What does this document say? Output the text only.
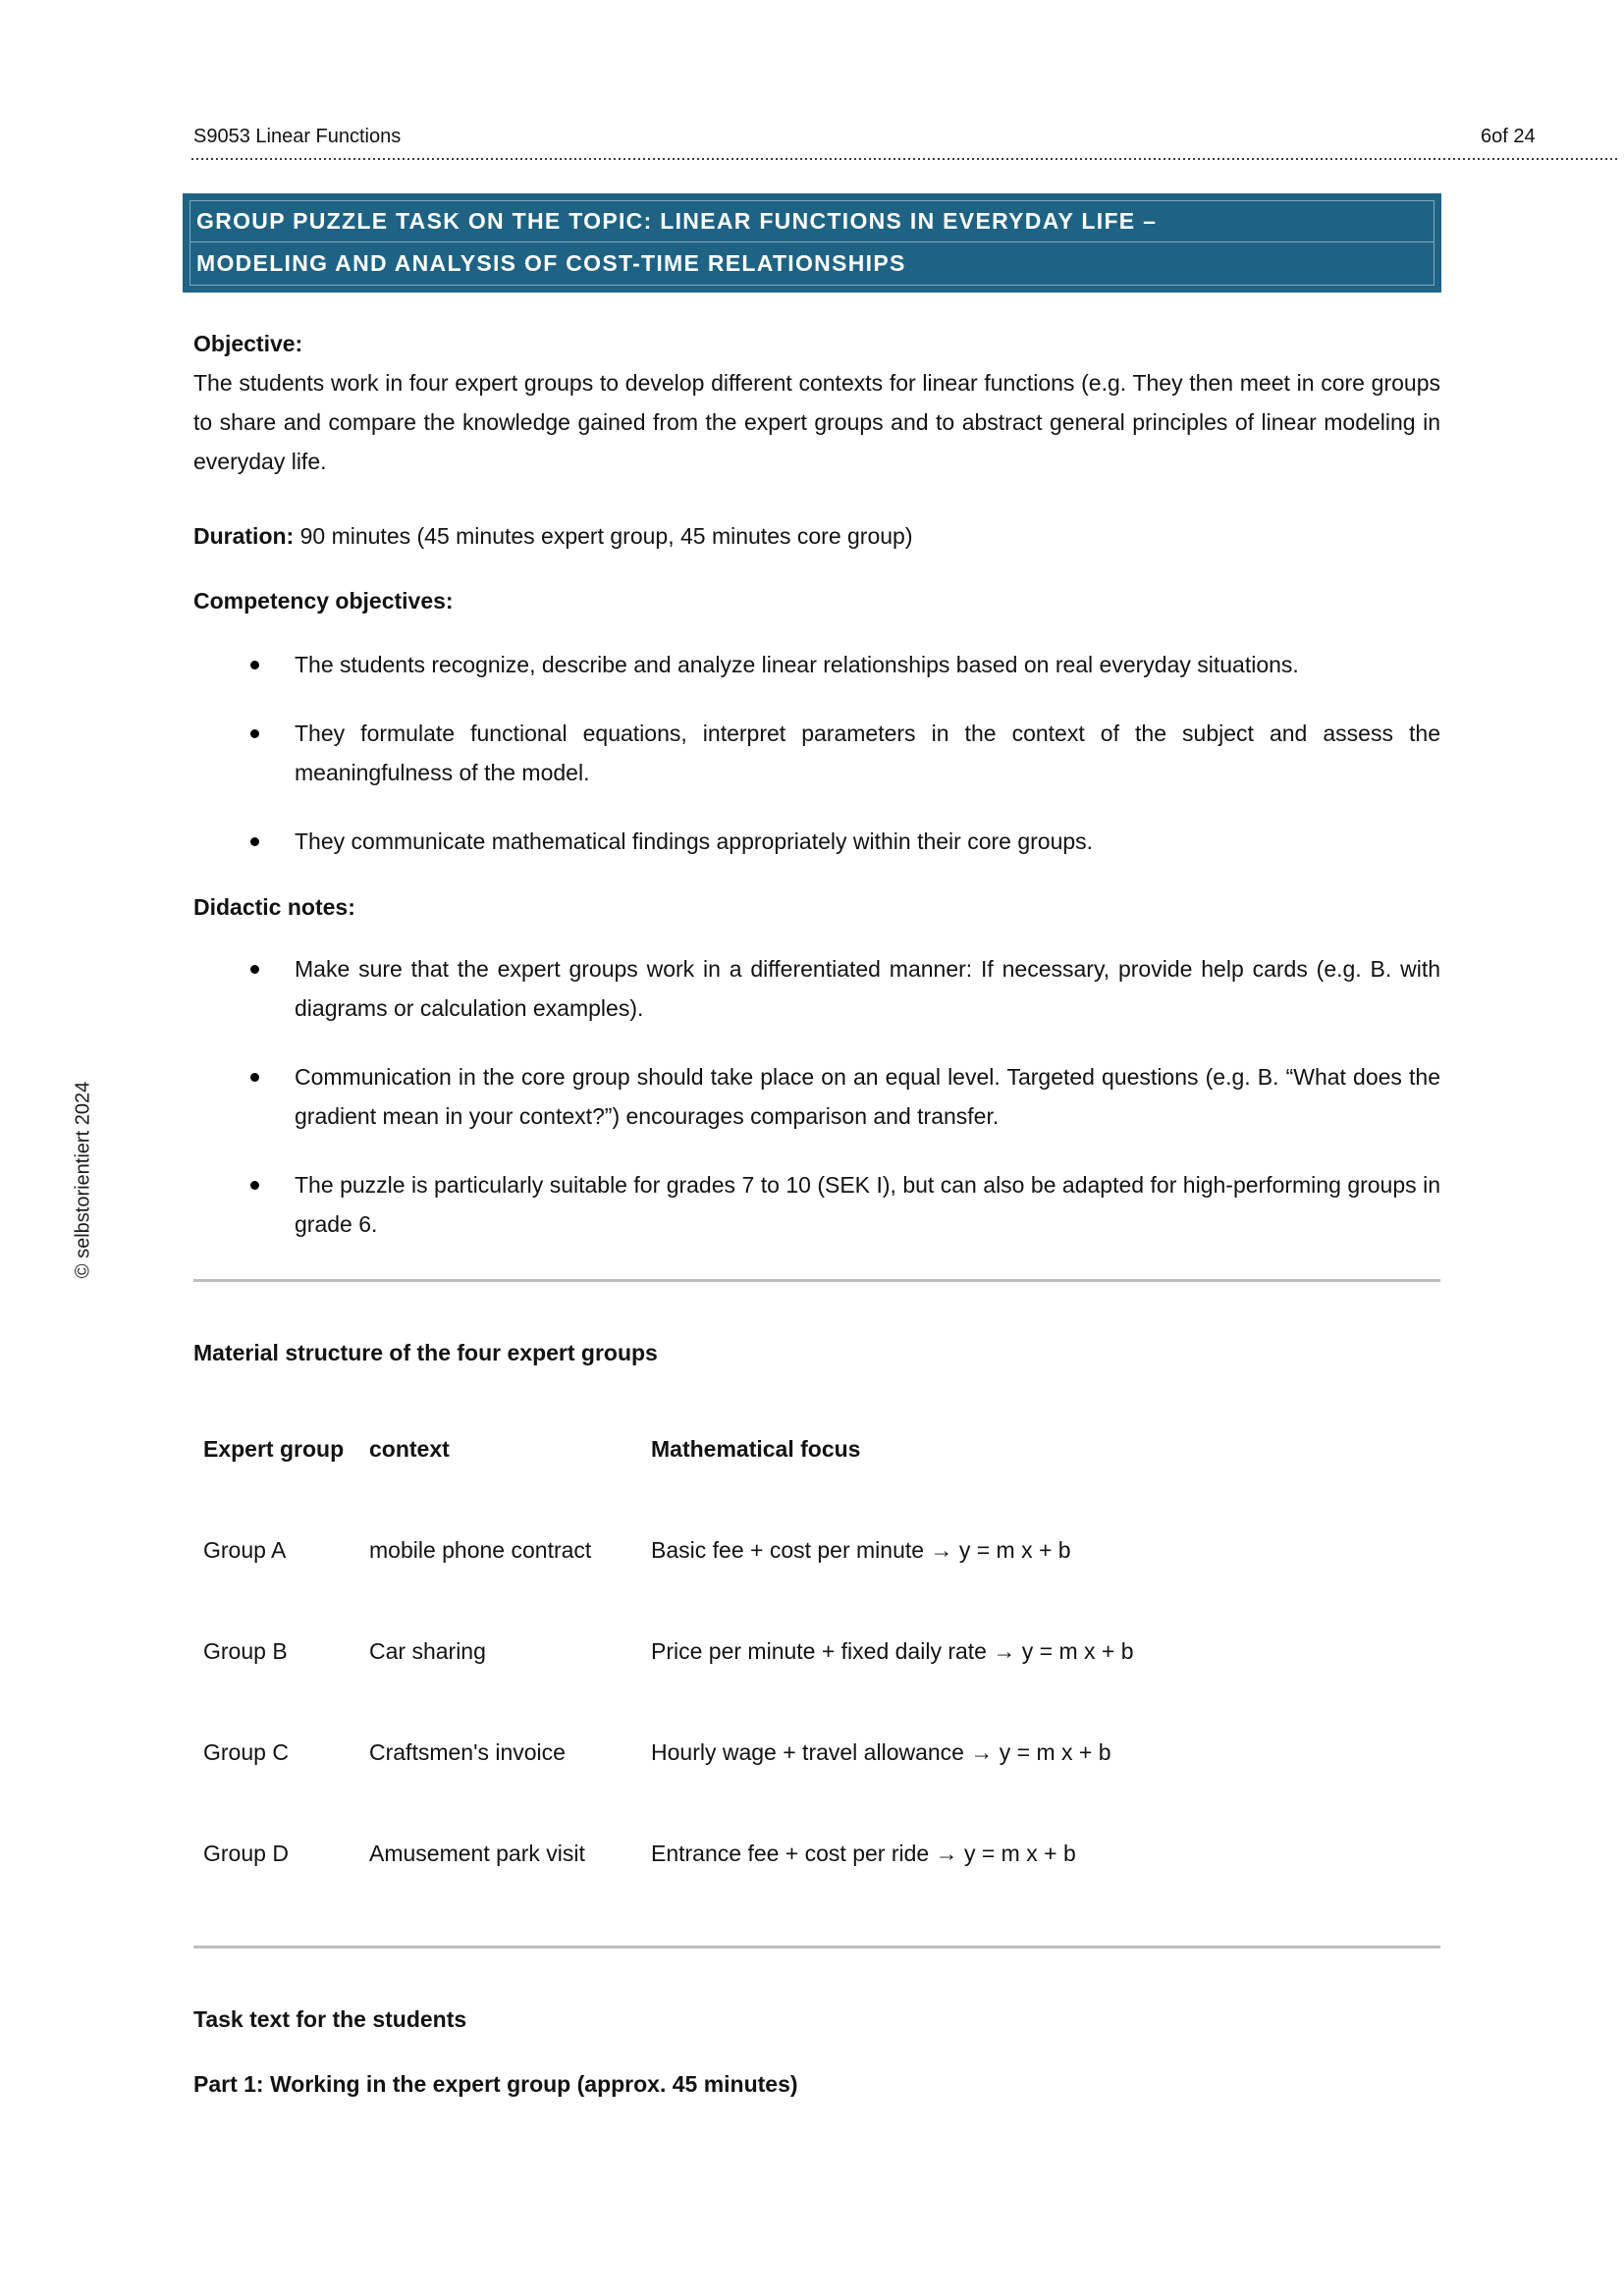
S9053 Linear Functions	6of 24
© selbstorientiert 2024
GROUP PUZZLE TASK ON THE TOPIC: LINEAR FUNCTIONS IN EVERYDAY LIFE –
MODELING AND ANALYSIS OF COST-TIME RELATIONSHIPS
Objective:

The students work in four expert groups to develop different contexts for linear functions (e.g. They then meet in core groups to share and compare the knowledge gained from the expert groups and to abstract general principles of linear modeling in everyday life.

Duration: 90 minutes (45 minutes expert group, 45 minutes core group)

Competency objectives:
The students recognize, describe and analyze linear relationships based on real everyday situations.
They formulate functional equations, interpret parameters in the context of the subject and assess the meaningfulness of the model.
They communicate mathematical findings appropriately within their core groups.
Didactic notes:
Make sure that the expert groups work in a differentiated manner: If necessary, provide help cards (e.g. B. with diagrams or calculation examples).
Communication in the core group should take place on an equal level. Targeted questions (e.g. B. “What does the gradient mean in your context?”) encourages comparison and transfer.
The puzzle is particularly suitable for grades 7 to 10 (SEK I), but can also be adapted for high-performing groups in grade 6.
Material structure of the four expert groups
Expert group	context	Mathematical focus
Group A	mobile phone contract	Basic fee + cost per minute → y = m x + b
Group B	Car sharing	Price per minute + fixed daily rate → y = m x + b
Group C	Craftsmen's invoice	Hourly wage + travel allowance → y = m x + b
Group D	Amusement park visit	Entrance fee + cost per ride → y = m x + b
Task text for the students
Part 1: Working in the expert group (approx. 45 minutes)
